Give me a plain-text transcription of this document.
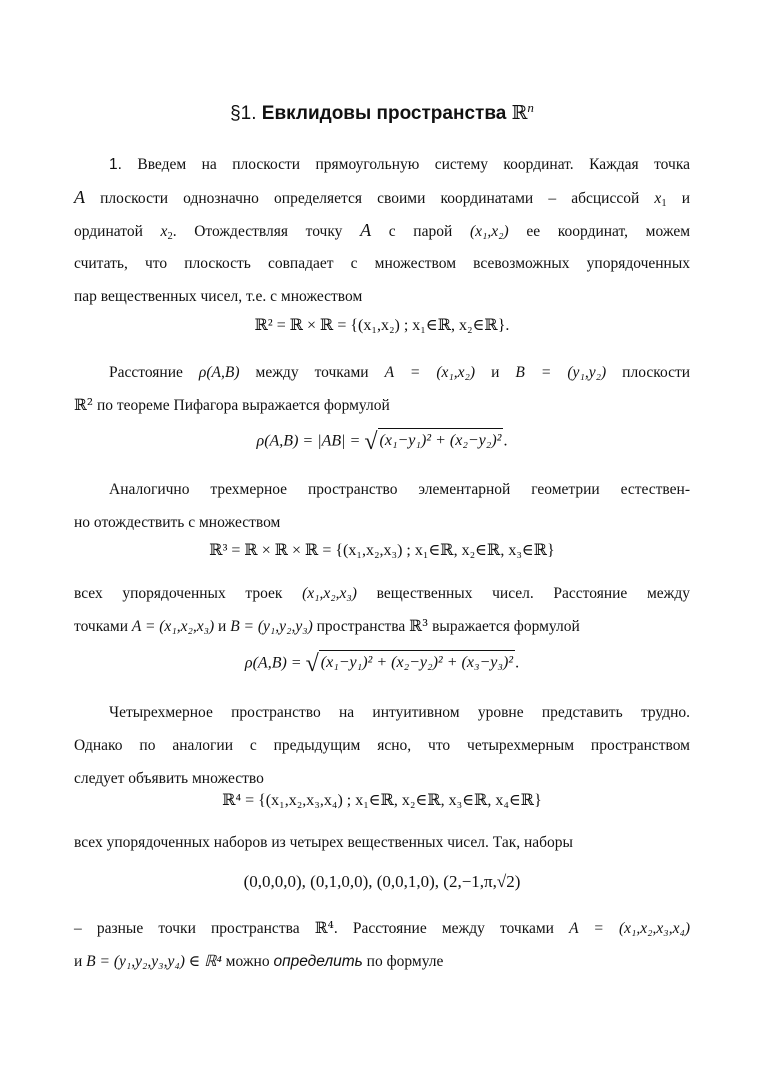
§1. Евклидовы пространства ℝ$^n$
1. Введем на плоскости прямоугольную систему координат. Каждая точка
A плоскости однозначно определяется своими координатами – абсциссой $x_1$ и
ординатой $x_2$. Отождествляя точку A с парой (x₁,x₂) ее координат, можем
считать, что плоскость совпадает с множеством всевозможных упорядоченных
пар вещественных чисел, т.е. с множеством
ℝ² = ℝ × ℝ = {(x₁,x₂) ; x₁∈ℝ, x₂∈ℝ}.
Расстояние ρ(A,B) между точками A = (x₁,x₂) и B = (y₁,y₂) плоскости
ℝ² по теореме Пифагора выражается формулой
ρ(A,B) = |AB| = √ (x₁−y₁)² + (x₂−y₂)² .
Аналогично трехмерное пространство элементарной геометрии естествен-
но отождествить с множеством
ℝ³ = ℝ × ℝ × ℝ = {(x₁,x₂,x₃) ; x₁∈ℝ, x₂∈ℝ, x₃∈ℝ}
всех упорядоченных троек (x₁,x₂,x₃) вещественных чисел. Расстояние между
точками A = (x₁,x₂,x₃) и B = (y₁,y₂,y₃) пространства ℝ³ выражается формулой
ρ(A,B) = √ (x₁−y₁)² + (x₂−y₂)² + (x₃−y₃)² .
Четырехмерное пространство на интуитивном уровне представить трудно.
Однако по аналогии с предыдущим ясно, что четырехмерным пространством
следует объявить множество
ℝ⁴ = {(x₁,x₂,x₃,x₄) ; x₁∈ℝ, x₂∈ℝ, x₃∈ℝ, x₄∈ℝ}
всех упорядоченных наборов из четырех вещественных чисел. Так, наборы
(0,0,0,0), (0,1,0,0), (0,0,1,0), (2,−1,π,√2)
– разные точки пространства ℝ⁴. Расстояние между точками A = (x₁,x₂,x₃,x₄)
и B = (y₁,y₂,y₃,y₄) ∈ ℝ⁴ можно определить по формуле
